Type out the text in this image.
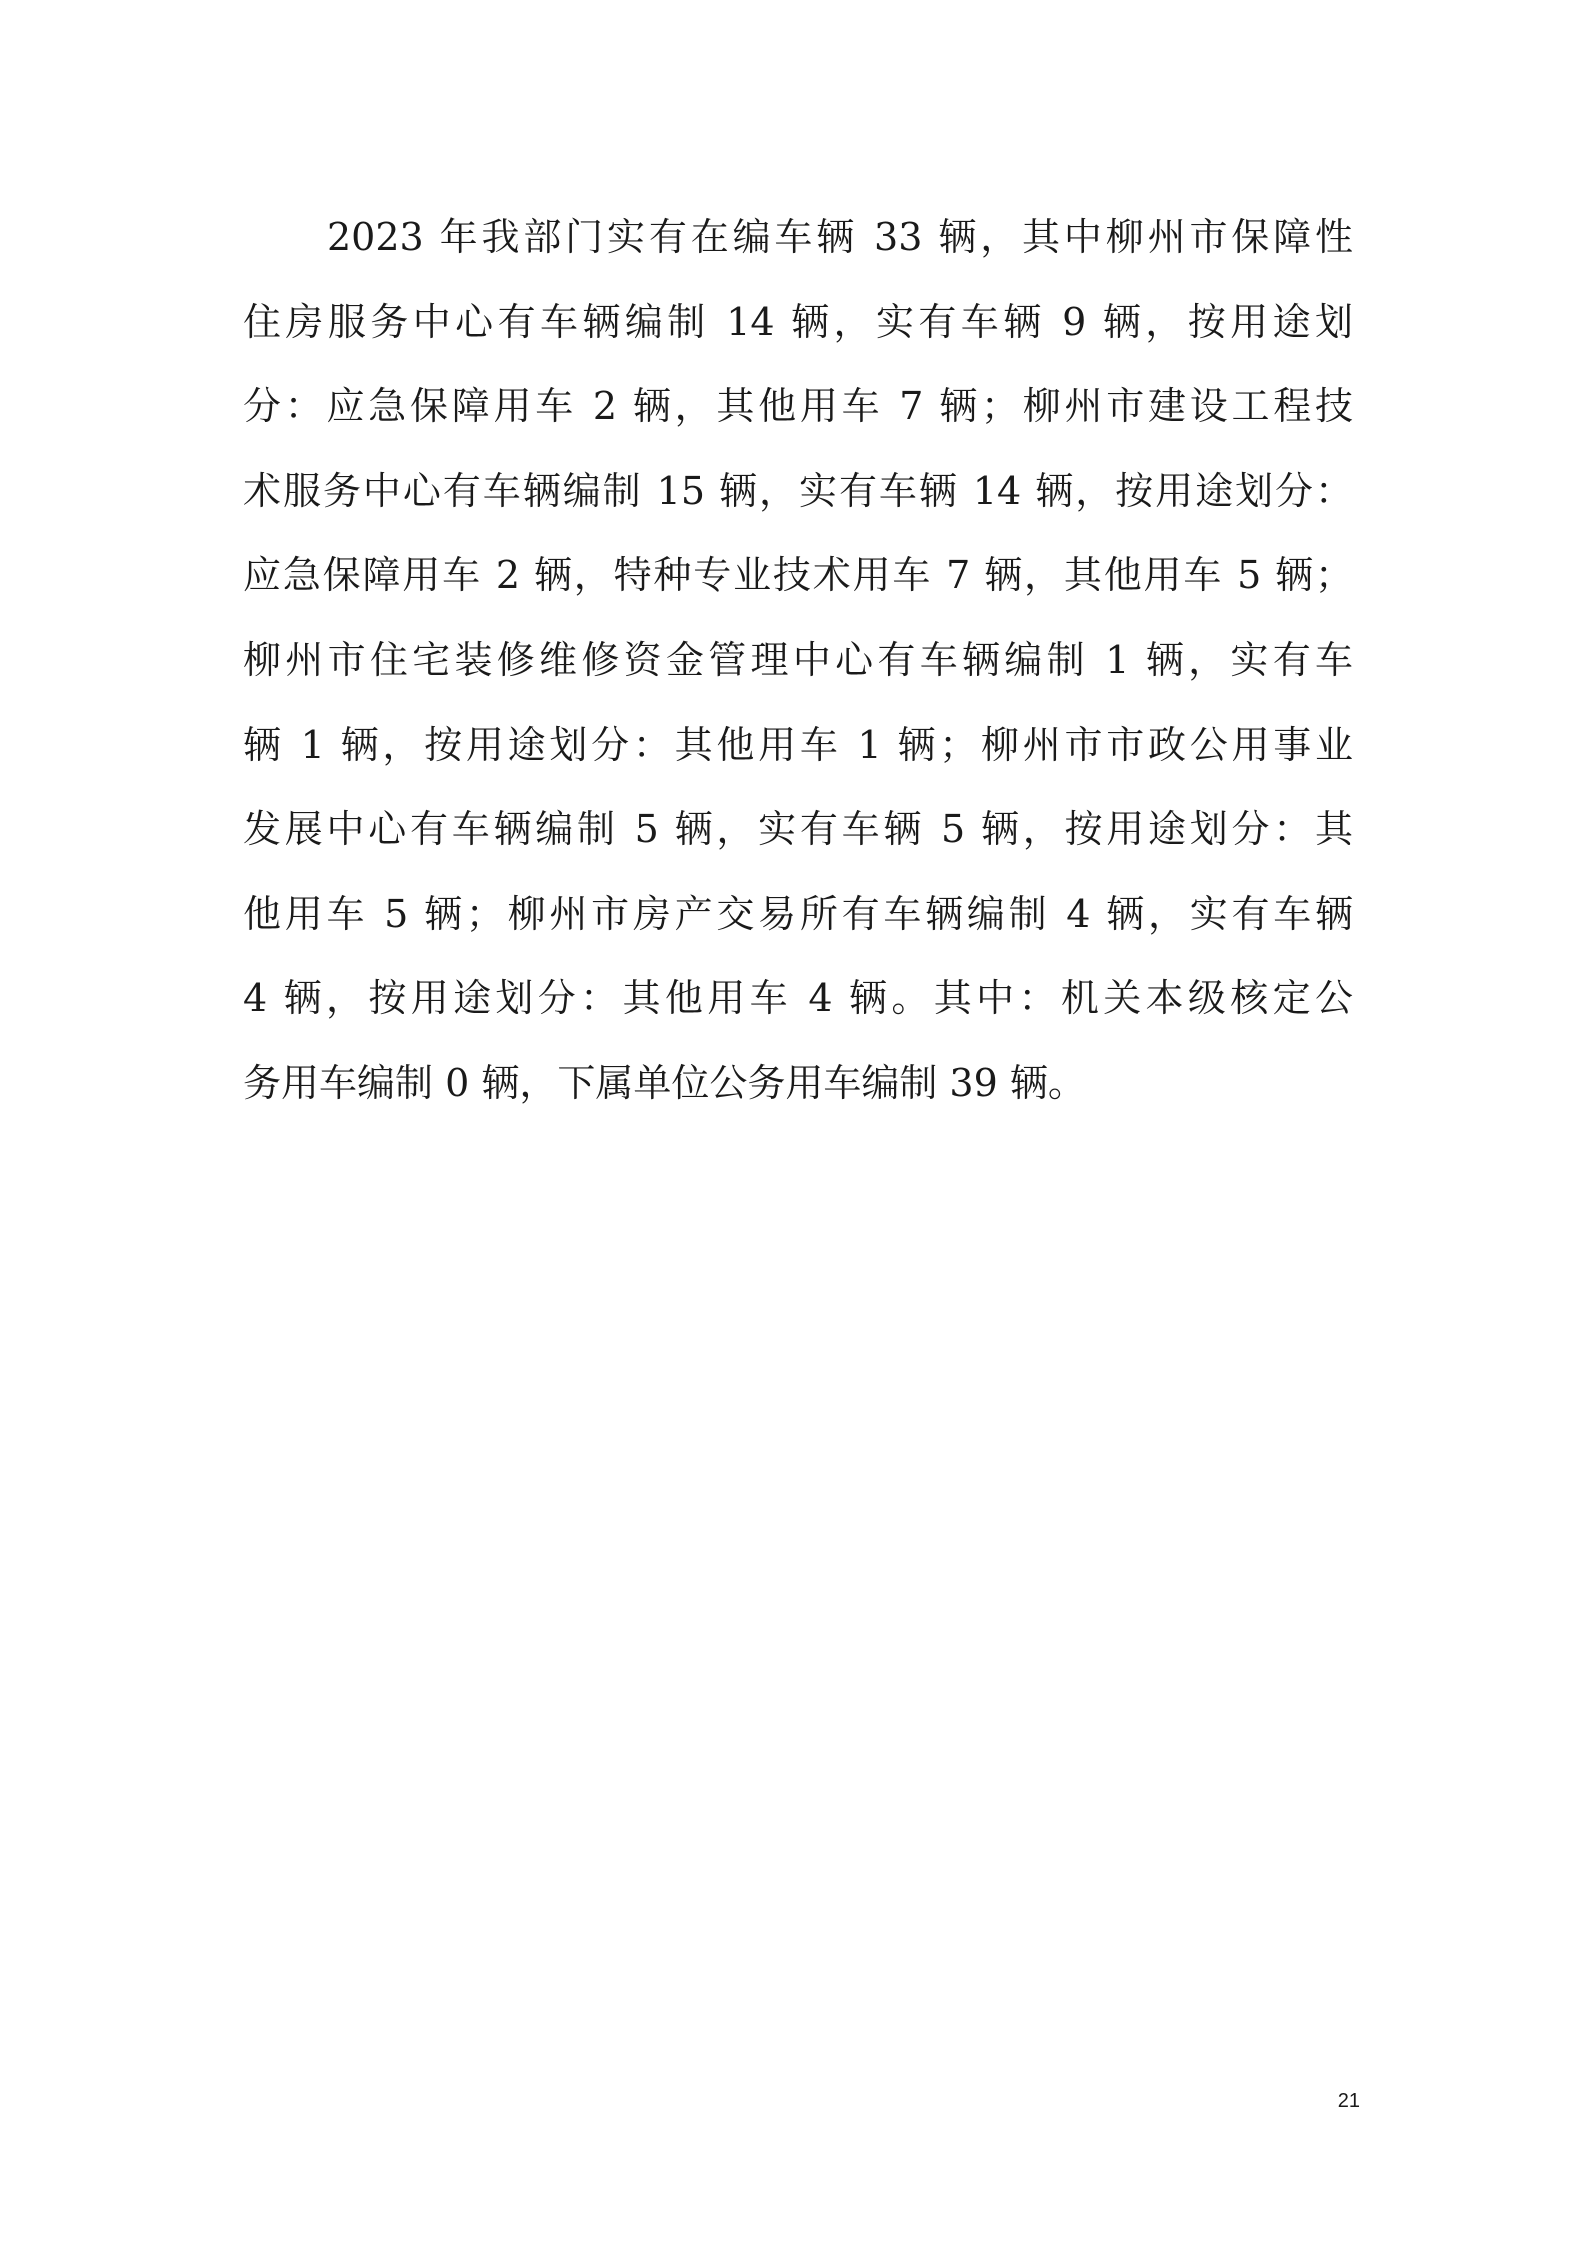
2023 年我部门实有在编车辆 33 辆，其中柳州市保障性
住房服务中心有车辆编制 14 辆，实有车辆 9 辆，按用途划
分：应急保障用车 2 辆，其他用车 7 辆；柳州市建设工程技
术服务中心有车辆编制 15 辆，实有车辆 14 辆，按用途划分：
应急保障用车 2 辆，特种专业技术用车 7 辆，其他用车 5 辆；
柳州市住宅装修维修资金管理中心有车辆编制 1 辆，实有车
辆 1 辆，按用途划分：其他用车 1 辆；柳州市市政公用事业
发展中心有车辆编制 5 辆，实有车辆 5 辆，按用途划分：其
他用车 5 辆；柳州市房产交易所有车辆编制 4 辆，实有车辆
4 辆，按用途划分：其他用车 4 辆。其中：机关本级核定公
务用车编制 0 辆，下属单位公务用车编制 39 辆。

21
